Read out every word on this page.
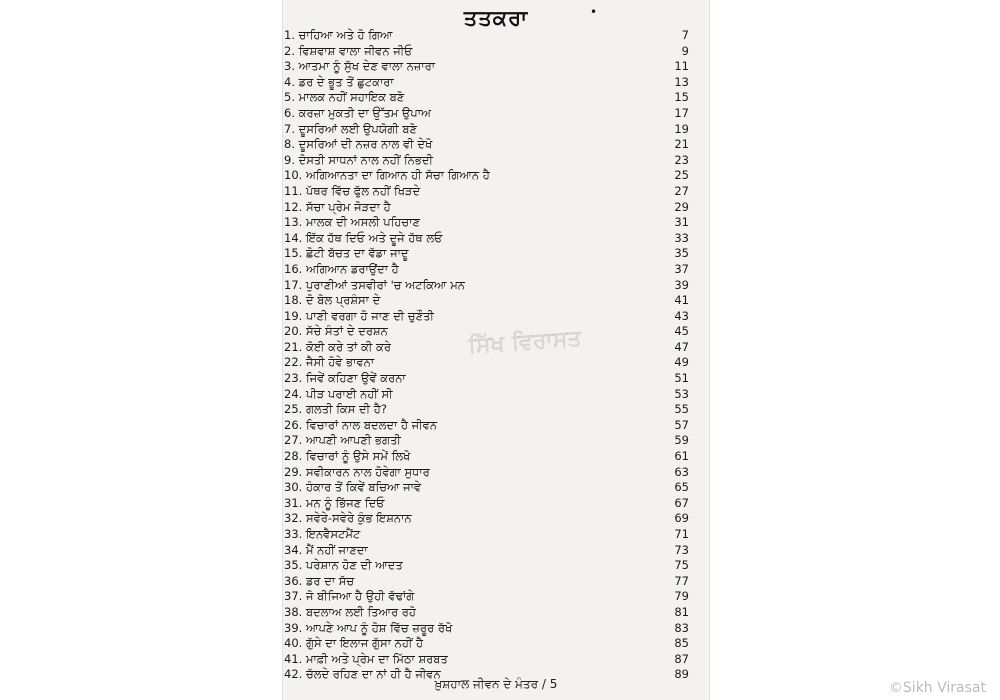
•
ਤਤਕਰਾ
1. ਚਾਹਿਆ ਅਤੇ ਹੋ ਗਿਆ	7
2. ਵਿਸ਼ਵਾਸ਼ ਵਾਲਾ ਜੀਵਨ ਜੀਓ	9
3. ਆਤਮਾ ਨੂੰ ਸੁੱਖ ਦੇਣ ਵਾਲਾ ਨਜ਼ਾਰਾ	11
4. ਡਰ ਦੇ ਭੂਤ ਤੋਂ ਛੁਟਕਾਰਾ	13
5. ਮਾਲਕ ਨਹੀਂ ਸਹਾਇਕ ਬਣੋ	15
6. ਕਰਜ਼ਾ ਮੁਕਤੀ ਦਾ ਉੱਤਮ ਉਪਾਅ	17
7. ਦੂਸਰਿਆਂ ਲਈ ਉਪਯੋਗੀ ਬਣੋ	19
8. ਦੂਸਰਿਆਂ ਦੀ ਨਜ਼ਰ ਨਾਲ ਵੀ ਦੇਖੋ	21
9. ਦੋਸਤੀ ਸਾਧਨਾਂ ਨਾਲ ਨਹੀਂ ਨਿਭਦੀ	23
10. ਅਗਿਆਨਤਾ ਦਾ ਗਿਆਨ ਹੀ ਸੱਚਾ ਗਿਆਨ ਹੈ	25
11. ਪੱਥਰ ਵਿੱਚ ਫੁੱਲ ਨਹੀਂ ਖਿੜਦੇ	27
12. ਸੱਚਾ ਪ੍ਰੇਮ ਜੋੜਦਾ ਹੈ	29
13. ਮਾਲਕ ਦੀ ਅਸਲੀ ਪਹਿਚਾਣ	31
14. ਇੱਕ ਹੱਥ ਦਿਓ ਅਤੇ ਦੂਜੇ ਹੱਥ ਲਓ	33
15. ਛੋਟੀ ਬੱਚਤ ਦਾ ਵੱਡਾ ਜਾਦੂ	35
16. ਅਗਿਆਨ ਡਰਾਉਂਦਾ ਹੈ	37
17. ਪੁਰਾਣੀਆਂ ਤਸਵੀਰਾਂ 'ਚ ਅਟਕਿਆ ਮਨ	39
18. ਦੋ ਬੋਲ ਪ੍ਰਸ਼ੰਸਾ ਦੇ	41
19. ਪਾਣੀ ਵਰਗਾ ਹੋ ਜਾਣ ਦੀ ਚੁਣੌਤੀ	43
20. ਸੱਚੇ ਸੰਤਾਂ ਦੇ ਦਰਸ਼ਨ	45
21. ਕੋਈ ਕਰੇ ਤਾਂ ਕੀ ਕਰੇ	47
22. ਜੈਸੀ ਹੋਵੇ ਭਾਵਨਾ	49
23. ਜਿਵੇਂ ਕਹਿਣਾ ਉਵੇਂ ਕਰਨਾ	51
24. ਪੀੜ ਪਰਾਈ ਨਹੀਂ ਸੀ	53
25. ਗਲਤੀ ਕਿਸ ਦੀ ਹੈ?	55
26. ਵਿਚਾਰਾਂ ਨਾਲ ਬਦਲਦਾ ਹੈ ਜੀਵਨ	57
27. ਆਪਣੀ ਆਪਣੀ ਭਗਤੀ	59
28. ਵਿਚਾਰਾਂ ਨੂੰ ਉਸੇ ਸਮੇਂ ਲਿਖੋ	61
29. ਸਵੀਕਾਰਨ ਨਾਲ ਹੋਵੇਗਾ ਸੁਧਾਰ	63
30. ਹੰਕਾਰ ਤੋਂ ਕਿਵੇਂ ਬਚਿਆ ਜਾਵੇ	65
31. ਮਨ ਨੂੰ ਭਿੱਜਣ ਦਿਓ	67
32. ਸਵੇਰੇ-ਸਵੇਰੇ ਕੁੰਭ ਇਸ਼ਨਾਨ	69
33. ਇਨਵੈਸਟਮੈਂਟ	71
34. ਮੈਂ ਨਹੀਂ ਜਾਣਦਾ	73
35. ਪਰੇਸ਼ਾਨ ਹੋਣ ਦੀ ਆਦਤ	75
36. ਡਰ ਦਾ ਸੱਚ	77
37. ਜੋ ਬੀਜਿਆ ਹੈ ਉਹੀ ਵੱਢਾਂਗੇ	79
38. ਬਦਲਾਅ ਲਈ ਤਿਆਰ ਰਹੋ	81
39. ਆਪਣੇ ਆਪ ਨੂੰ ਹੋਸ਼ ਵਿੱਚ ਜ਼ਰੂਰ ਰੱਖੋ	83
40. ਗੁੱਸੇ ਦਾ ਇਲਾਜ ਗੁੱਸਾ ਨਹੀਂ ਹੈ	85
41. ਮਾਫ਼ੀ ਅਤੇ ਪ੍ਰੇਮ ਦਾ ਮਿੱਠਾ ਸ਼ਰਬਤ	87
42. ਚੱਲਦੇ ਰਹਿਣ ਦਾ ਨਾਂ ਹੀ ਹੈ ਜੀਵਨ	89
ਸਿੱਖ ਵਿਰਾਸਤ
ਖ਼ੁਸ਼ਹਾਲ ਜੀਵਨ ਦੇ ਮੰਤਰ / 5	©Sikh Virasat
